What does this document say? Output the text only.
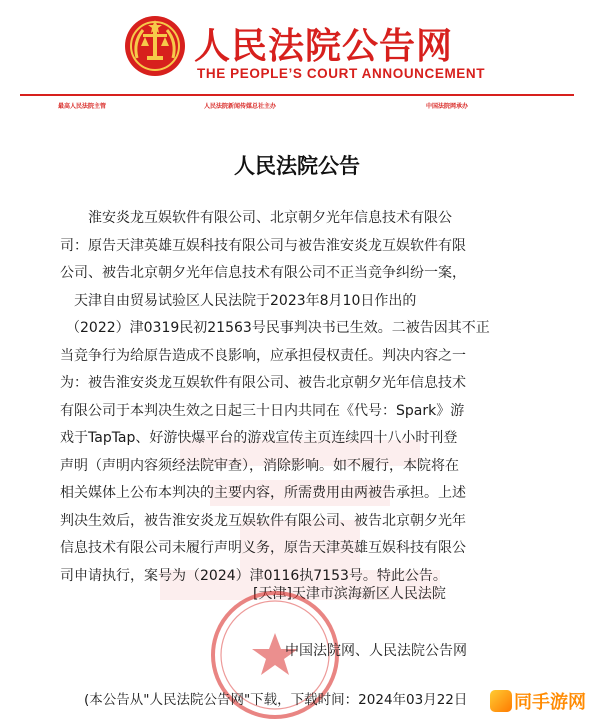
人民法院公告网
THE PEOPLE’S COURT ANNOUNCEMENT
最高人民法院主管	人民法院新闻传媒总社主办	中国法院网承办
人民法院公告
淮安炎龙互娱软件有限公司、北京朝夕光年信息技术有限公
司：原告天津英雄互娱科技有限公司与被告淮安炎龙互娱软件有限
公司、被告北京朝夕光年信息技术有限公司不正当竞争纠纷一案，
天津自由贸易试验区人民法院于2023年8月10日作出的
（2022）津0319民初21563号民事判决书已生效。二被告因其不正
当竞争行为给原告造成不良影响，应承担侵权责任。判决内容之一
为：被告淮安炎龙互娱软件有限公司、被告北京朝夕光年信息技术
有限公司于本判决生效之日起三十日内共同在《代号：Spark》游
戏于TapTap、好游快爆平台的游戏宣传主页连续四十八小时刊登
声明（声明内容须经法院审查），消除影响。如不履行，本院将在
相关媒体上公布本判决的主要内容，所需费用由两被告承担。上述
判决生效后，被告淮安炎龙互娱软件有限公司、被告北京朝夕光年
信息技术有限公司未履行声明义务，原告天津英雄互娱科技有限公
司申请执行，案号为（2024）津0116执7153号。特此公告。
[天津]天津市滨海新区人民法院
中国法院网、人民法院公告网
(本公告从"人民法院公告网"下载，下载时间：2024年03月22日	同手游网
